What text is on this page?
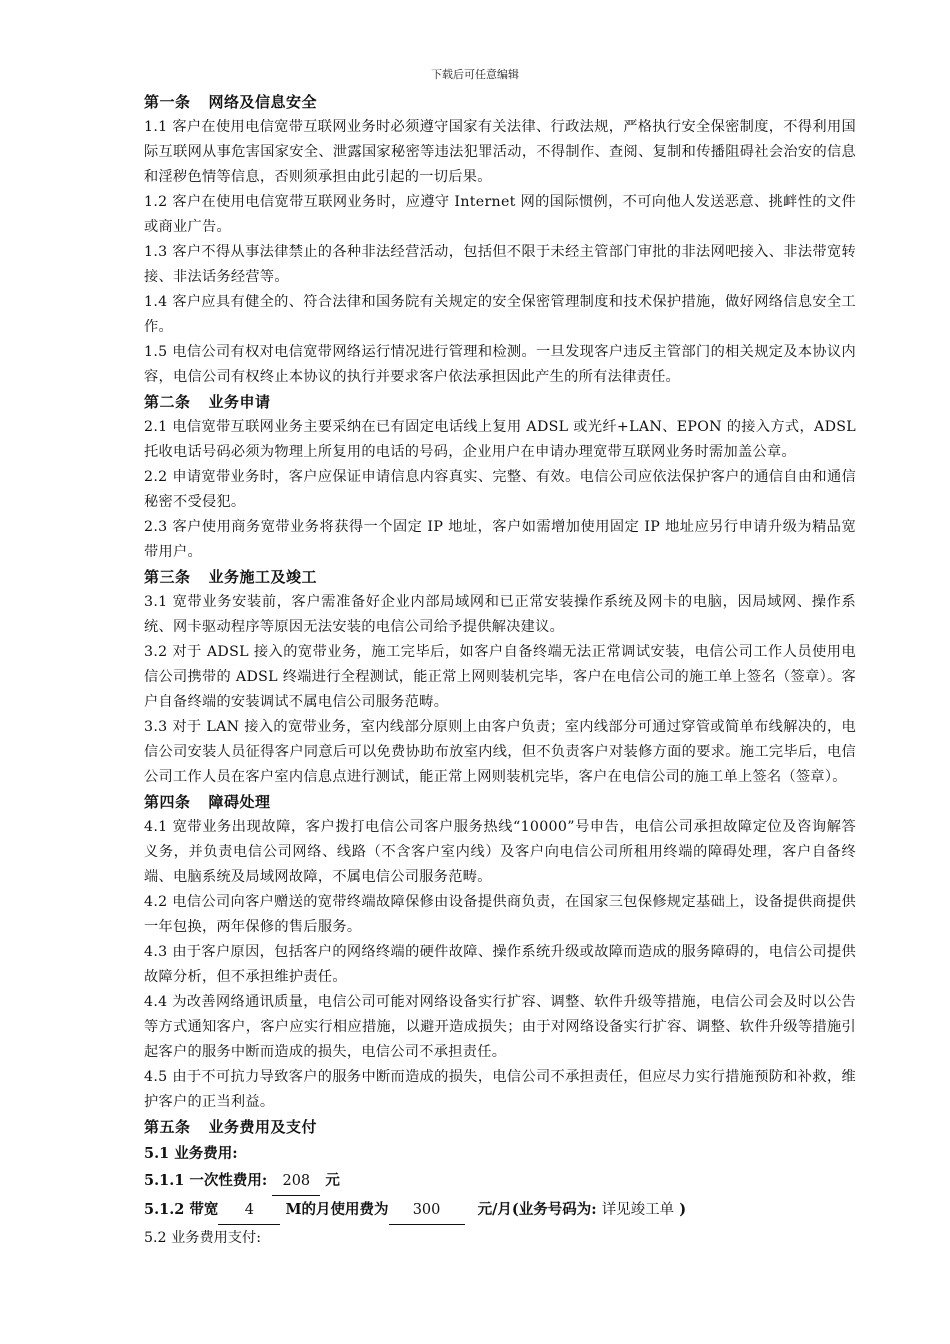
下载后可任意编辑
第一条 网络及信息安全
1.1 客户在使用电信宽带互联网业务时必须遵守国家有关法律、行政法规，严格执行安全保密制度，不得利用国际互联网从事危害国家安全、泄露国家秘密等违法犯罪活动，不得制作、查阅、复制和传播阻碍社会治安的信息和淫秽色情等信息，否则须承担由此引起的一切后果。
1.2 客户在使用电信宽带互联网业务时，应遵守 Internet 网的国际惯例，不可向他人发送恶意、挑衅性的文件或商业广告。
1.3 客户不得从事法律禁止的各种非法经营活动，包括但不限于未经主管部门审批的非法网吧接入、非法带宽转接、非法话务经营等。
1.4 客户应具有健全的、符合法律和国务院有关规定的安全保密管理制度和技术保护措施，做好网络信息安全工作。
1.5 电信公司有权对电信宽带网络运行情况进行管理和检测。一旦发现客户违反主管部门的相关规定及本协议内容，电信公司有权终止本协议的执行并要求客户依法承担因此产生的所有法律责任。
第二条 业务申请
2.1 电信宽带互联网业务主要采纳在已有固定电话线上复用 ADSL 或光纤+LAN、EPON 的接入方式，ADSL 托收电话号码必须为物理上所复用的电话的号码，企业用户在申请办理宽带互联网业务时需加盖公章。
2.2 申请宽带业务时，客户应保证申请信息内容真实、完整、有效。电信公司应依法保护客户的通信自由和通信秘密不受侵犯。
2.3 客户使用商务宽带业务将获得一个固定 IP 地址，客户如需增加使用固定 IP 地址应另行申请升级为精品宽带用户。
第三条 业务施工及竣工
3.1 宽带业务安装前，客户需准备好企业内部局域网和已正常安装操作系统及网卡的电脑，因局域网、操作系统、网卡驱动程序等原因无法安装的电信公司给予提供解决建议。
3.2 对于 ADSL 接入的宽带业务，施工完毕后，如客户自备终端无法正常调试安装，电信公司工作人员使用电信公司携带的 ADSL 终端进行全程测试，能正常上网则装机完毕，客户在电信公司的施工单上签名（签章）。客户自备终端的安装调试不属电信公司服务范畴。
3.3 对于 LAN 接入的宽带业务，室内线部分原则上由客户负责；室内线部分可通过穿管或简单布线解决的，电信公司安装人员征得客户同意后可以免费协助布放室内线，但不负责客户对装修方面的要求。施工完毕后，电信公司工作人员在客户室内信息点进行测试，能正常上网则装机完毕，客户在电信公司的施工单上签名（签章）。
第四条 障碍处理
4.1 宽带业务出现故障，客户拨打电信公司客户服务热线“10000”号申告，电信公司承担故障定位及咨询解答义务，并负责电信公司网络、线路（不含客户室内线）及客户向电信公司所租用终端的障碍处理，客户自备终端、电脑系统及局域网故障，不属电信公司服务范畴。
4.2 电信公司向客户赠送的宽带终端故障保修由设备提供商负责，在国家三包保修规定基础上，设备提供商提供一年包换，两年保修的售后服务。
4.3 由于客户原因，包括客户的网络终端的硬件故障、操作系统升级或故障而造成的服务障碍的，电信公司提供故障分析，但不承担维护责任。
4.4 为改善网络通讯质量，电信公司可能对网络设备实行扩容、调整、软件升级等措施，电信公司会及时以公告等方式通知客户，客户应实行相应措施，以避开造成损失；由于对网络设备实行扩容、调整、软件升级等措施引起客户的服务中断而造成的损失，电信公司不承担责任。
4.5 由于不可抗力导致客户的服务中断而造成的损失，电信公司不承担责任，但应尽力实行措施预防和补救，维护客户的正当利益。
第五条 业务费用及支付
5.1 业务费用:
5.1.1 一次性费用: 208 元
5.1.2 带宽 4 M的月使用费为 300	元/月(业务号码为: 详见竣工单 )
5.2 业务费用支付:
